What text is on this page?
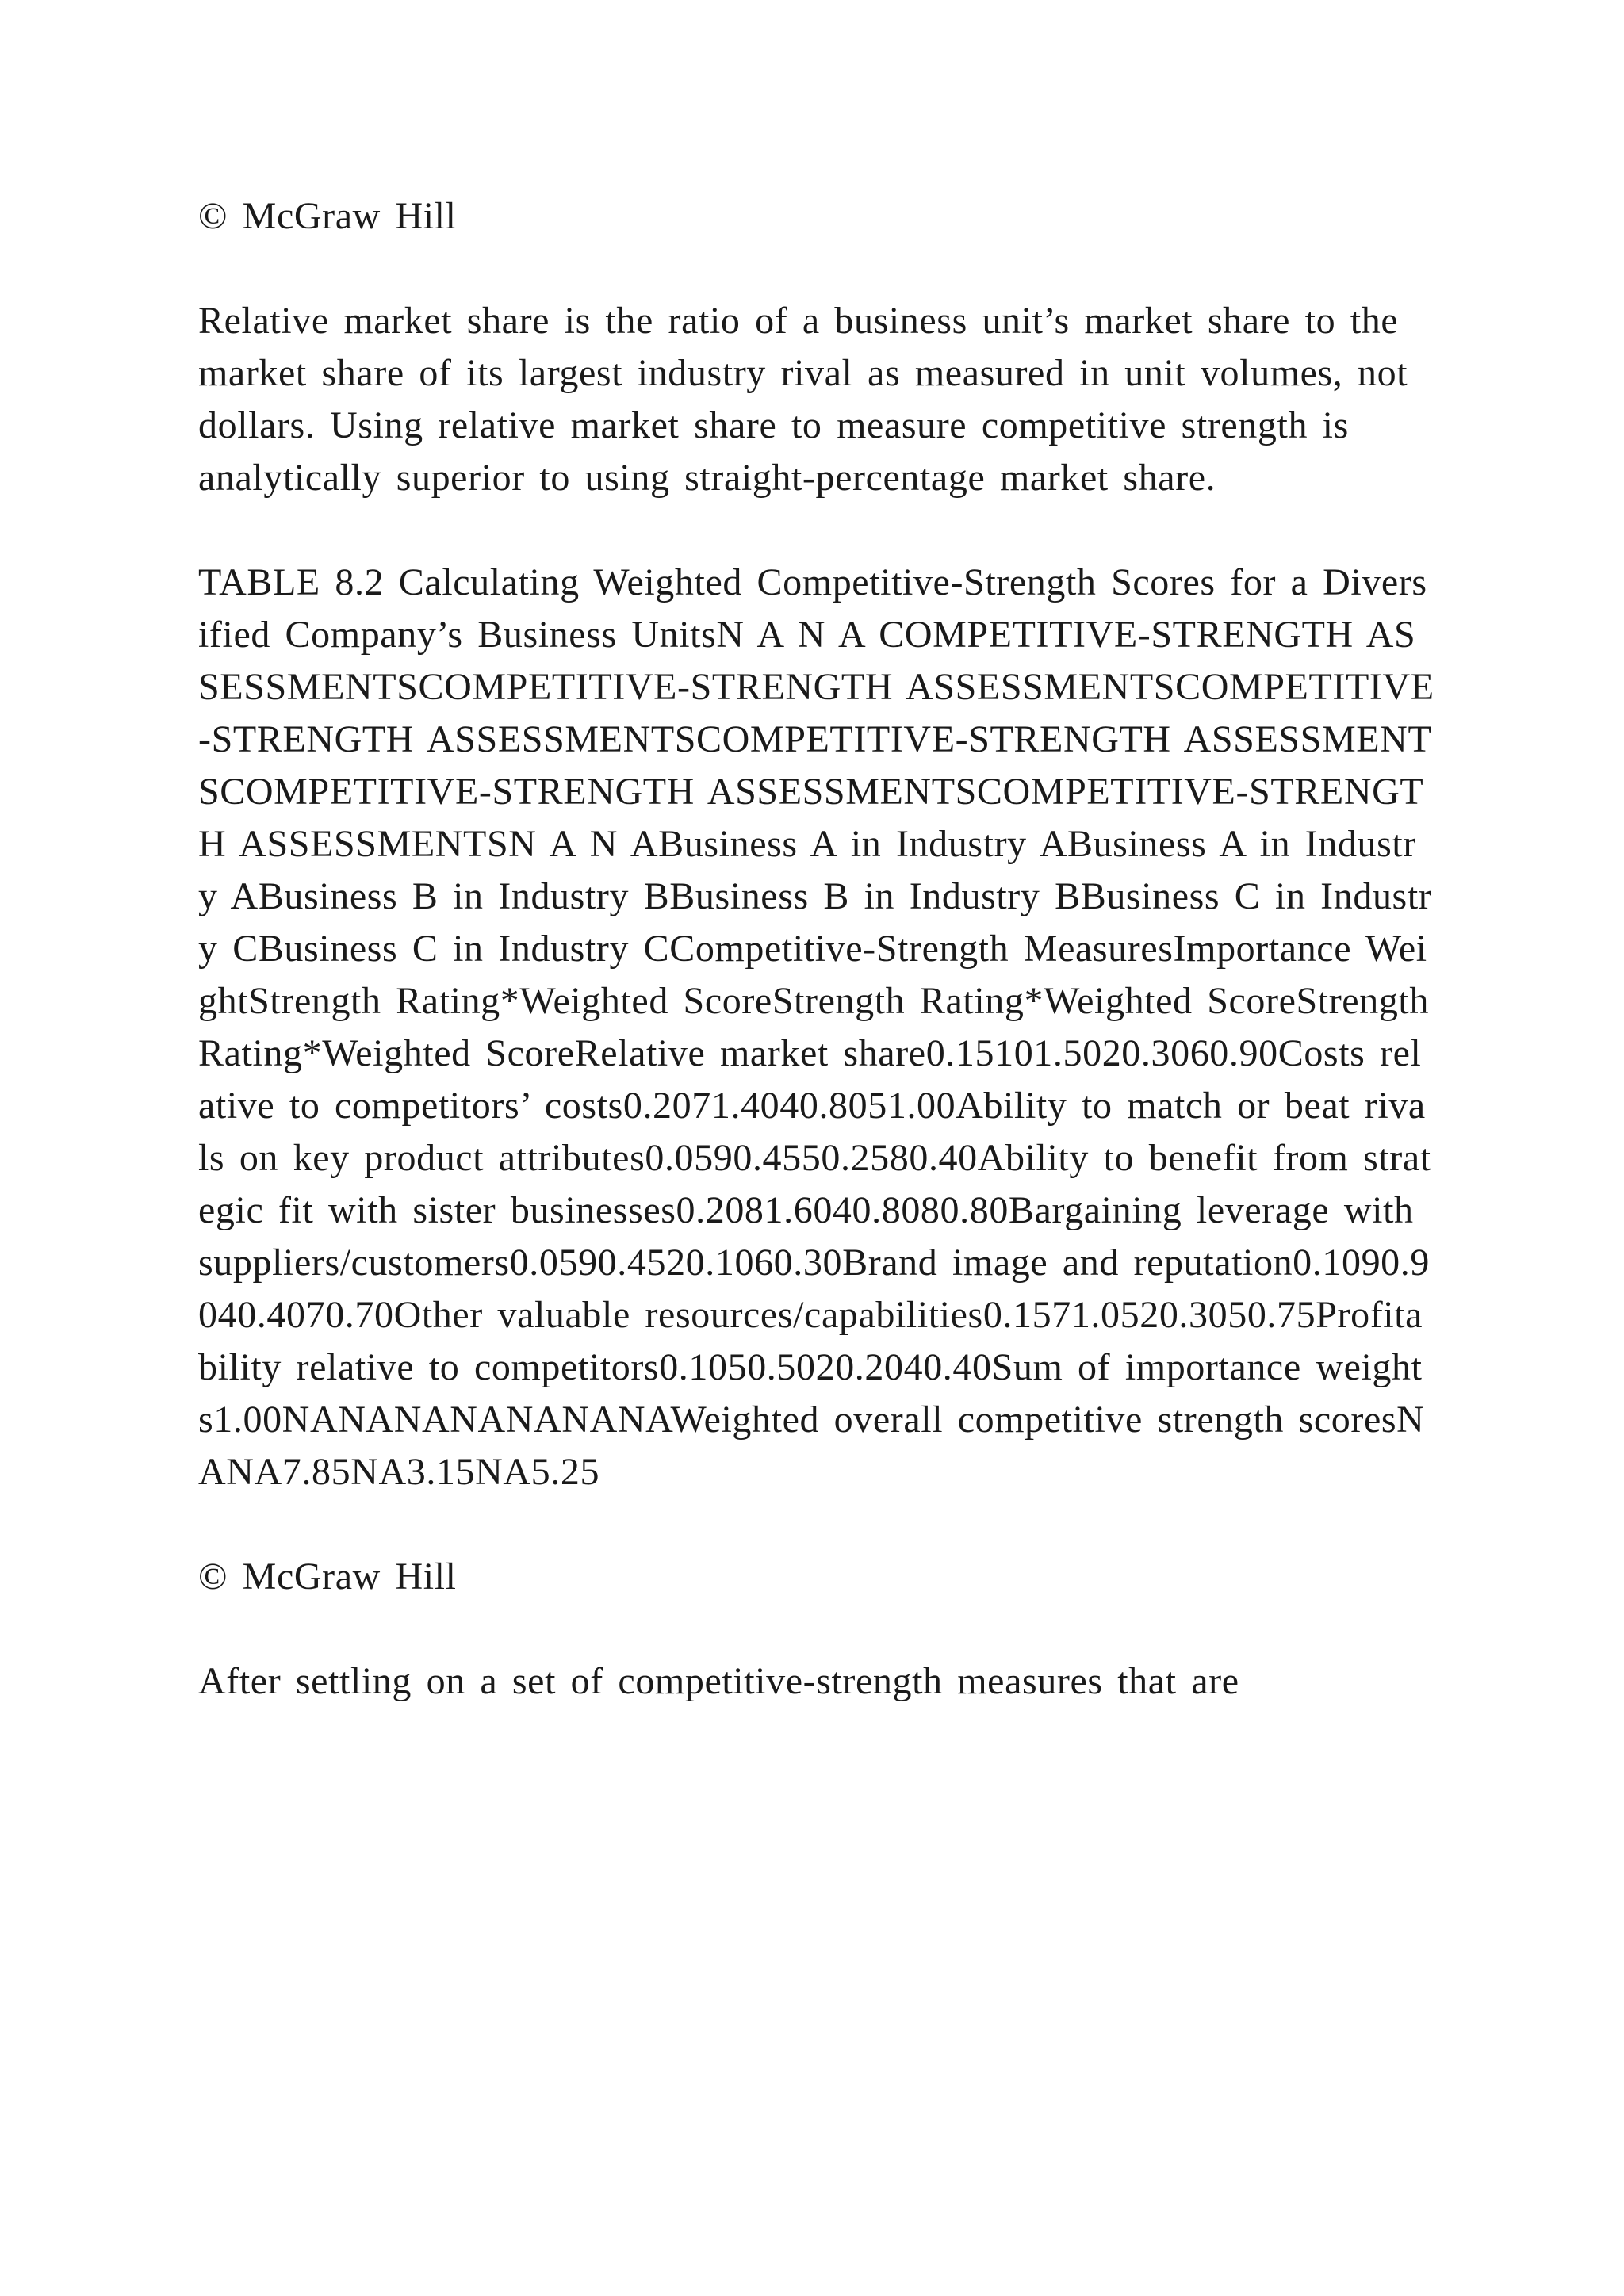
© McGraw Hill

Relative market share is the ratio of a business unit’s market share to the market share of its largest industry rival as measured in unit volumes, not dollars. Using relative market share to measure competitive strength is analytically superior to using straight-percentage market share.

TABLE 8.2 Calculating Weighted Competitive-Strength Scores for a Diversified Company’s Business UnitsN A N A COMPETITIVE-STRENGTH ASSESSMENTSCOMPETITIVE-STRENGTH ASSESSMENTSCOMPETITIVE-STRENGTH ASSESSMENTSCOMPETITIVE-STRENGTH ASSESSMENTSCOMPETITIVE-STRENGTH ASSESSMENTSCOMPETITIVE-STRENGTH ASSESSMENTSN A N ABusiness A in Industry ABusiness A in Industry ABusiness B in Industry BBusiness B in Industry BBusiness C in Industry CBusiness C in Industry CCompetitive-Strength MeasuresImportance WeightStrength Rating*Weighted ScoreStrength Rating*Weighted ScoreStrength Rating*Weighted ScoreRelative market share0.15101.5020.3060.90Costs relative to competitors’ costs0.2071.4040.8051.00Ability to match or beat rivals on key product attributes0.0590.4550.2580.40Ability to benefit from strategic fit with sister businesses0.2081.6040.8080.80Bargaining leverage with suppliers/customers0.0590.4520.1060.30Brand image and reputation0.1090.9040.4070.70Other valuable resources/capabilities0.1571.0520.3050.75Profitability relative to competitors0.1050.5020.2040.40Sum of importance weights1.00NANANANANANANAWeighted overall competitive strength scoresNANA7.85NA3.15NA5.25

© McGraw Hill

After settling on a set of competitive-strength measures that are
